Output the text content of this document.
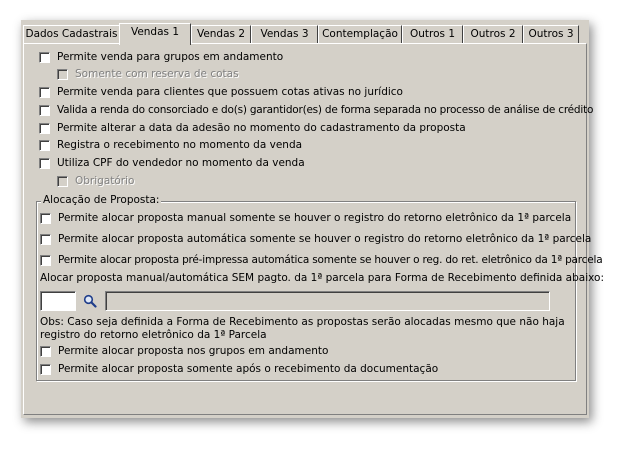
Dados Cadastrais	Vendas 1	Vendas 2	Vendas 3	Contemplação	Outros 1	Outros 2	Outros 3
Permite venda para grupos em andamento
Somente com reserva de cotas
Permite venda para clientes que possuem cotas ativas no jurídico
Valida a renda do consorciado e do(s) garantidor(es) de forma separada no processo de análise de crédito
Permite alterar a data da adesão no momento do cadastramento da proposta
Registra o recebimento no momento da venda
Utiliza CPF do vendedor no momento da venda
Obrigatório
Alocação de Proposta:
Permite alocar proposta manual somente se houver o registro do retorno eletrônico da 1ª parcela
Permite alocar proposta automática somente se houver o registro do retorno eletrônico da 1ª parcela
Permite alocar proposta pré-impressa automática somente se houver o reg. do ret. eletrônico da 1ª parcela
Alocar proposta manual/automática SEM pagto. da 1ª parcela para Forma de Recebimento definida abaixo:
Obs: Caso seja definida a Forma de Recebimento as propostas serão alocadas mesmo que não haja
registro do retorno eletrônico da 1ª Parcela
Permite alocar proposta nos grupos em andamento
Permite alocar proposta somente após o recebimento da documentação
